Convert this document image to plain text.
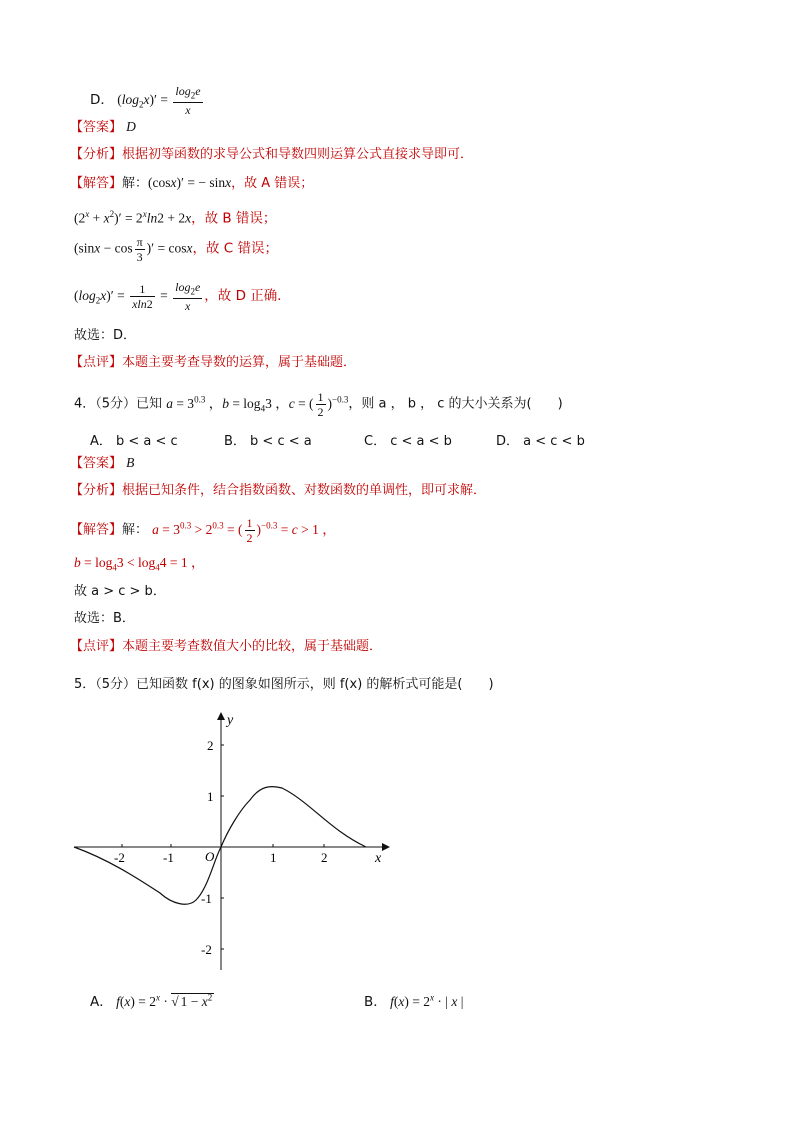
D． $(\log_2x)' = \frac{\log_2e}{x}$
【答案】 D
【分析】根据初等函数的求导公式和导数四则运算公式直接求导即可．
【解答】解：(cosx)′ = − sinx，故 A 错误；
$(2^x + x^2)' = 2^x\ln 2 + 2x$，故 B 错误；
($\sin x - \cos \frac{\pi}{3}$ )′ = cosx，故 C 错误；
$(\log_2x)' = \frac{1}{xln2} = \frac{\log_2e}{x}$ ，故 D 正确．
故选：D．
【点评】本题主要考查导数的运算，属于基础题．
4．（5分）已知 $a = 3^{0.3}$ ，$b = \log_43$ ，c = ( $\frac{1}{2} )^{-0.3}$，则 a ， b ， c 的大小关系为(　　)
A． b < a < c	B． b < c < a	C． c < a < b	D． a < c < b
【答案】 B
【分析】根据已知条件，结合指数函数、对数函数的单调性，即可求解．
【解答】解： $a = 3^{0.3} > 2^{0.3}$ = ( $\frac{1}{2} )^{-0.3} = c > 1$ ，
$b = \log_43 < \log_44 = 1$ ，
故 a > c > b．
故选：B．
【点评】本题主要考查数值大小的比较，属于基础题．
5．（5分）已知函数 f(x) 的图象如图所示，则 f(x) 的解析式可能是(　　)
-2	-1	1	2
2
1
-1
-2
O	x
y
A． $f(x) = 2^x$ · √ $1 - x^2$	B． $f(x) = 2^x$ · | x |
